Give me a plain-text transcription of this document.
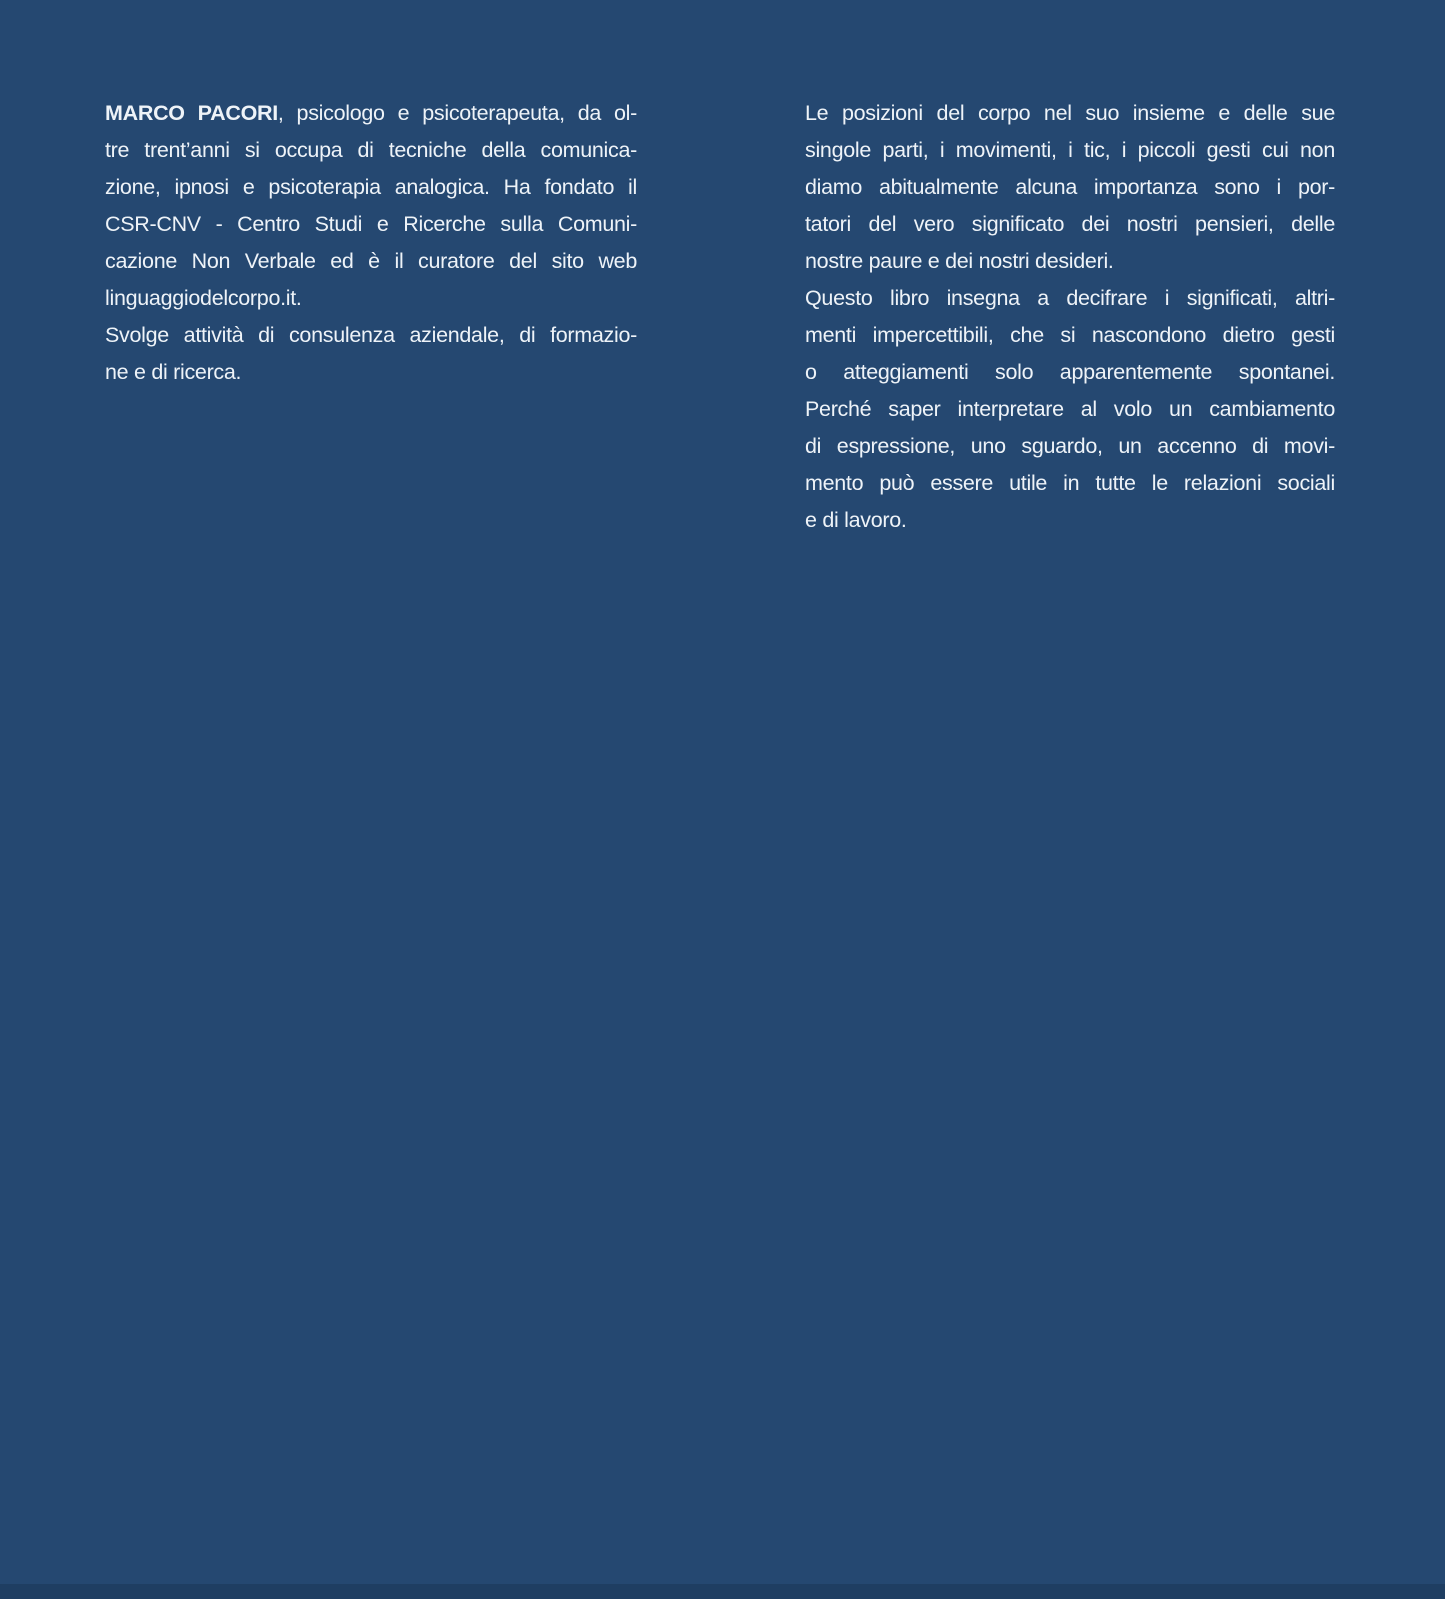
MARCO PACORI, psicologo e psicoterapeuta, da ol-
tre trent’anni si occupa di tecniche della comunica-
zione, ipnosi e psicoterapia analogica. Ha fondato il
CSR-CNV - Centro Studi e Ricerche sulla Comuni-
cazione Non Verbale ed è il curatore del sito web
linguaggiodelcorpo.it.
Svolge attività di consulenza aziendale, di formazio-
ne e di ricerca.
Le posizioni del corpo nel suo insieme e delle sue
singole parti, i movimenti, i tic, i piccoli gesti cui non
diamo abitualmente alcuna importanza sono i por-
tatori del vero significato dei nostri pensieri, delle
nostre paure e dei nostri desideri.
Questo libro insegna a decifrare i significati, altri-
menti impercettibili, che si nascondono dietro gesti
o atteggiamenti solo apparentemente spontanei.
Perché saper interpretare al volo un cambiamento
di espressione, uno sguardo, un accenno di movi-
mento può essere utile in tutte le relazioni sociali
e di lavoro.
